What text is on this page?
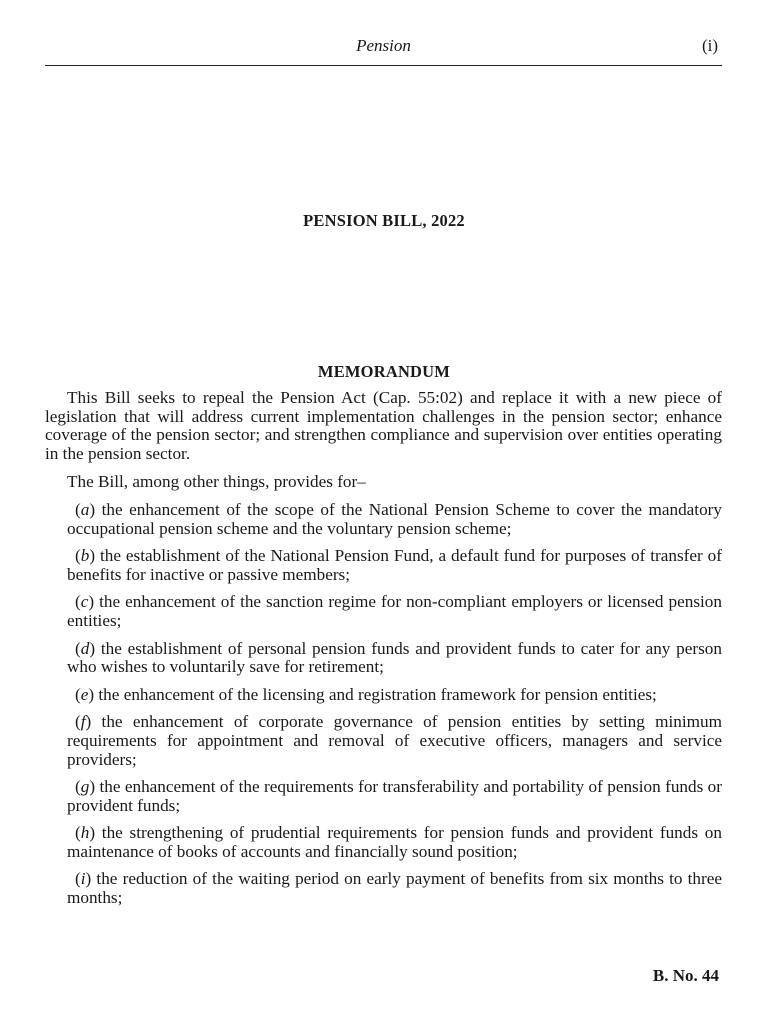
Pension	(i)
PENSION BILL, 2022
MEMORANDUM

This Bill seeks to repeal the Pension Act (Cap. 55:02) and replace it with a new piece of legislation that will address current implementation challenges in the pension sector; enhance coverage of the pension sector; and strengthen compliance and supervision over entities operating in the pension sector.

The Bill, among other things, provides for–

(a) the enhancement of the scope of the National Pension Scheme to cover the mandatory occupational pension scheme and the voluntary pension scheme;

(b) the establishment of the National Pension Fund, a default fund for purposes of transfer of benefits for inactive or passive members;

(c) the enhancement of the sanction regime for non-compliant employers or licensed pension entities;

(d) the establishment of personal pension funds and provident funds to cater for any person who wishes to voluntarily save for retirement;

(e) the enhancement of the licensing and registration framework for pension entities;

(f) the enhancement of corporate governance of pension entities by setting minimum requirements for appointment and removal of executive officers, managers and service providers;

(g) the enhancement of the requirements for transferability and portability of pension funds or provident funds;

(h) the strengthening of prudential requirements for pension funds and provident funds on maintenance of books of accounts and financially sound position;

(i) the reduction of the waiting period on early payment of benefits from six months to three months;

B. No. 44
